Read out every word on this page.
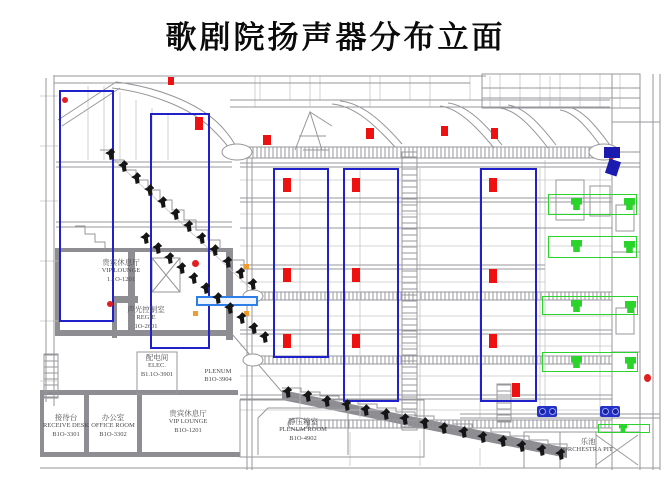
歌剧院扬声器分布立面
贵宾休息厅
VIP LOUNGE
1.1O-1201
声光控制室
REGIE
1O-2601
配电间
ELEC.
B1.1O-3901	PLENUM
B1O-3904
接待台
RECEIVE DESK
B1O-3301
办公室
OFFICE ROOM
B1O-3302
贵宾休息厅
VIP LOUNGE
B1O-1201
静压箱室
PLENUM ROOM
B1O-4902	乐池
ORCHESTRA PIT
